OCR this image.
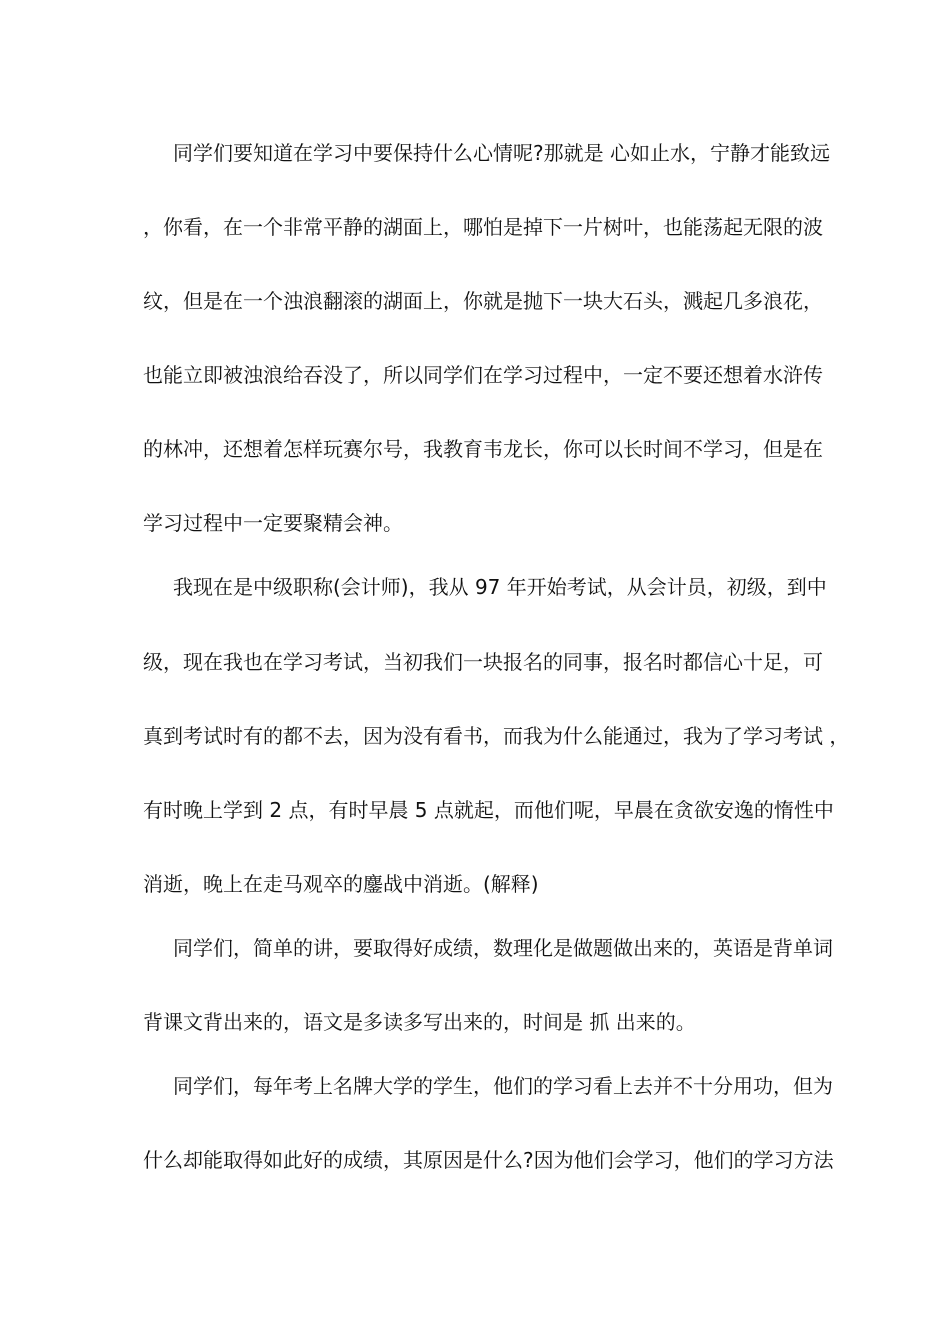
同学们要知道在学习中要保持什么心情呢?那就是 心如止水，宁静才能致远
，你看，在一个非常平静的湖面上，哪怕是掉下一片树叶，也能荡起无限的波
纹，但是在一个浊浪翻滚的湖面上，你就是抛下一块大石头，溅起几多浪花，
也能立即被浊浪给吞没了，所以同学们在学习过程中，一定不要还想着水浒传
的林冲，还想着怎样玩赛尔号，我教育韦龙长，你可以长时间不学习，但是在
学习过程中一定要聚精会神。
我现在是中级职称(会计师)，我从 97 年开始考试，从会计员，初级，到中
级，现在我也在学习考试，当初我们一块报名的同事，报名时都信心十足，可
真到考试时有的都不去，因为没有看书，而我为什么能通过，我为了学习考试 ，
有时晚上学到 2 点，有时早晨 5 点就起，而他们呢，早晨在贪欲安逸的惰性中
消逝，晚上在走马观卒的鏖战中消逝。(解释)
同学们，简单的讲，要取得好成绩，数理化是做题做出来的，英语是背单词
背课文背出来的，语文是多读多写出来的，时间是 抓 出来的。
同学们，每年考上名牌大学的学生，他们的学习看上去并不十分用功，但为
什么却能取得如此好的成绩，其原因是什么?因为他们会学习，他们的学习方法
